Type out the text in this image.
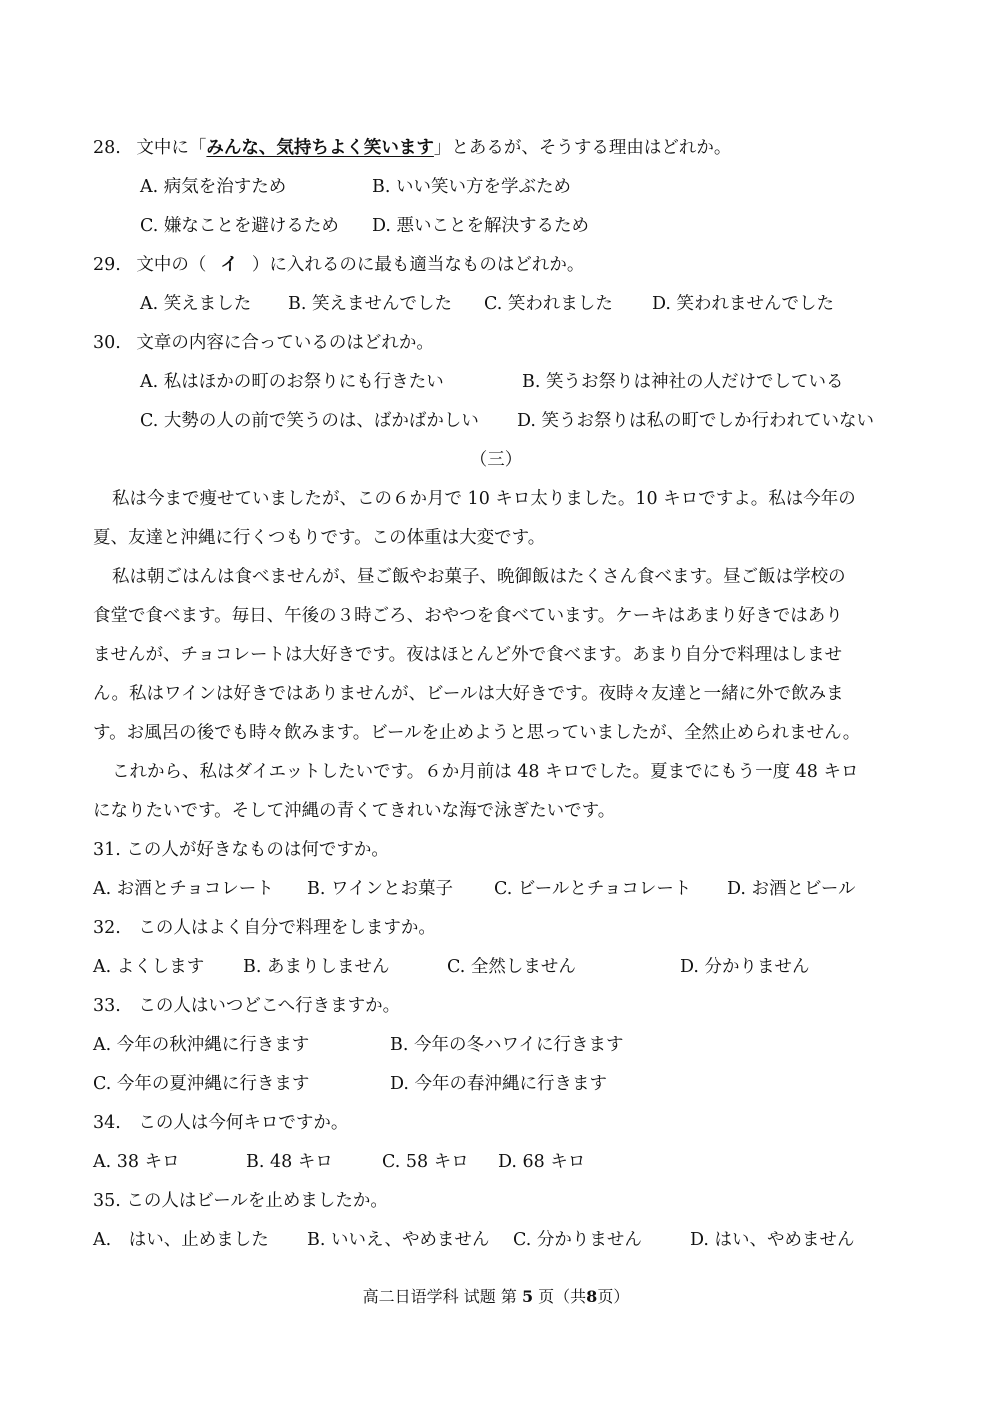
28. 文中に「みんな、気持ちよく笑います」とあるが、そうする理由はどれか。
A. 病気を治すため	B. いい笑い方を学ぶため
C. 嫌なことを避けるため D. 悪いことを解決するため
29. 文中の（ イ ）に入れるのに最も適当なものはどれか。
A. 笑えました B. 笑えませんでした C. 笑われました D. 笑われませんでした
30. 文章の内容に合っているのはどれか。
A. 私はほかの町のお祭りにも行きたい	B. 笑うお祭りは神社の人だけでしている
C. 大勢の人の前で笑うのは、ばかばかしい D. 笑うお祭りは私の町でしか行われていない
（三）
私は今まで痩せていましたが、この６か月で 10 キロ太りました。10 キロですよ。私は今年の
夏、友達と沖縄に行くつもりです。この体重は大変です。
私は朝ごはんは食べませんが、昼ご飯やお菓子、晩御飯はたくさん食べます。昼ご飯は学校の
食堂で食べます。毎日、午後の３時ごろ、おやつを食べています。ケーキはあまり好きではあり
ませんが、チョコレートは大好きです。夜はほとんど外で食べます。あまり自分で料理はしませ
ん。私はワインは好きではありませんが、ビールは大好きです。夜時々友達と一緒に外で飲みま
す。お風呂の後でも時々飲みます。ビールを止めようと思っていましたが、全然止められません。
これから、私はダイエットしたいです。６か月前は 48 キロでした。夏までにもう一度 48 キロ
になりたいです。そして沖縄の青くてきれいな海で泳ぎたいです。
31. この人が好きなものは何ですか。
A. お酒とチョコレート B. ワインとお菓子 C. ビールとチョコレート D. お酒とビール
32.　この人はよく自分で料理をしますか。
A. よくします B. あまりしません	C. 全然しません	D. 分かりません
33.　この人はいつどこへ行きますか。
A. 今年の秋沖縄に行きます	B. 今年の冬ハワイに行きます
C. 今年の夏沖縄に行きます	D. 今年の春沖縄に行きます
34.　この人は今何キロですか。
A. 38 キロ	B. 48 キロ	C. 58 キロ D. 68 キロ
35. この人はビールを止めましたか。
A.　はい、止めました B. いいえ、やめません C. 分かりません	D. はい、やめません
高二日语学科 试题 第 5 页（共8页）
